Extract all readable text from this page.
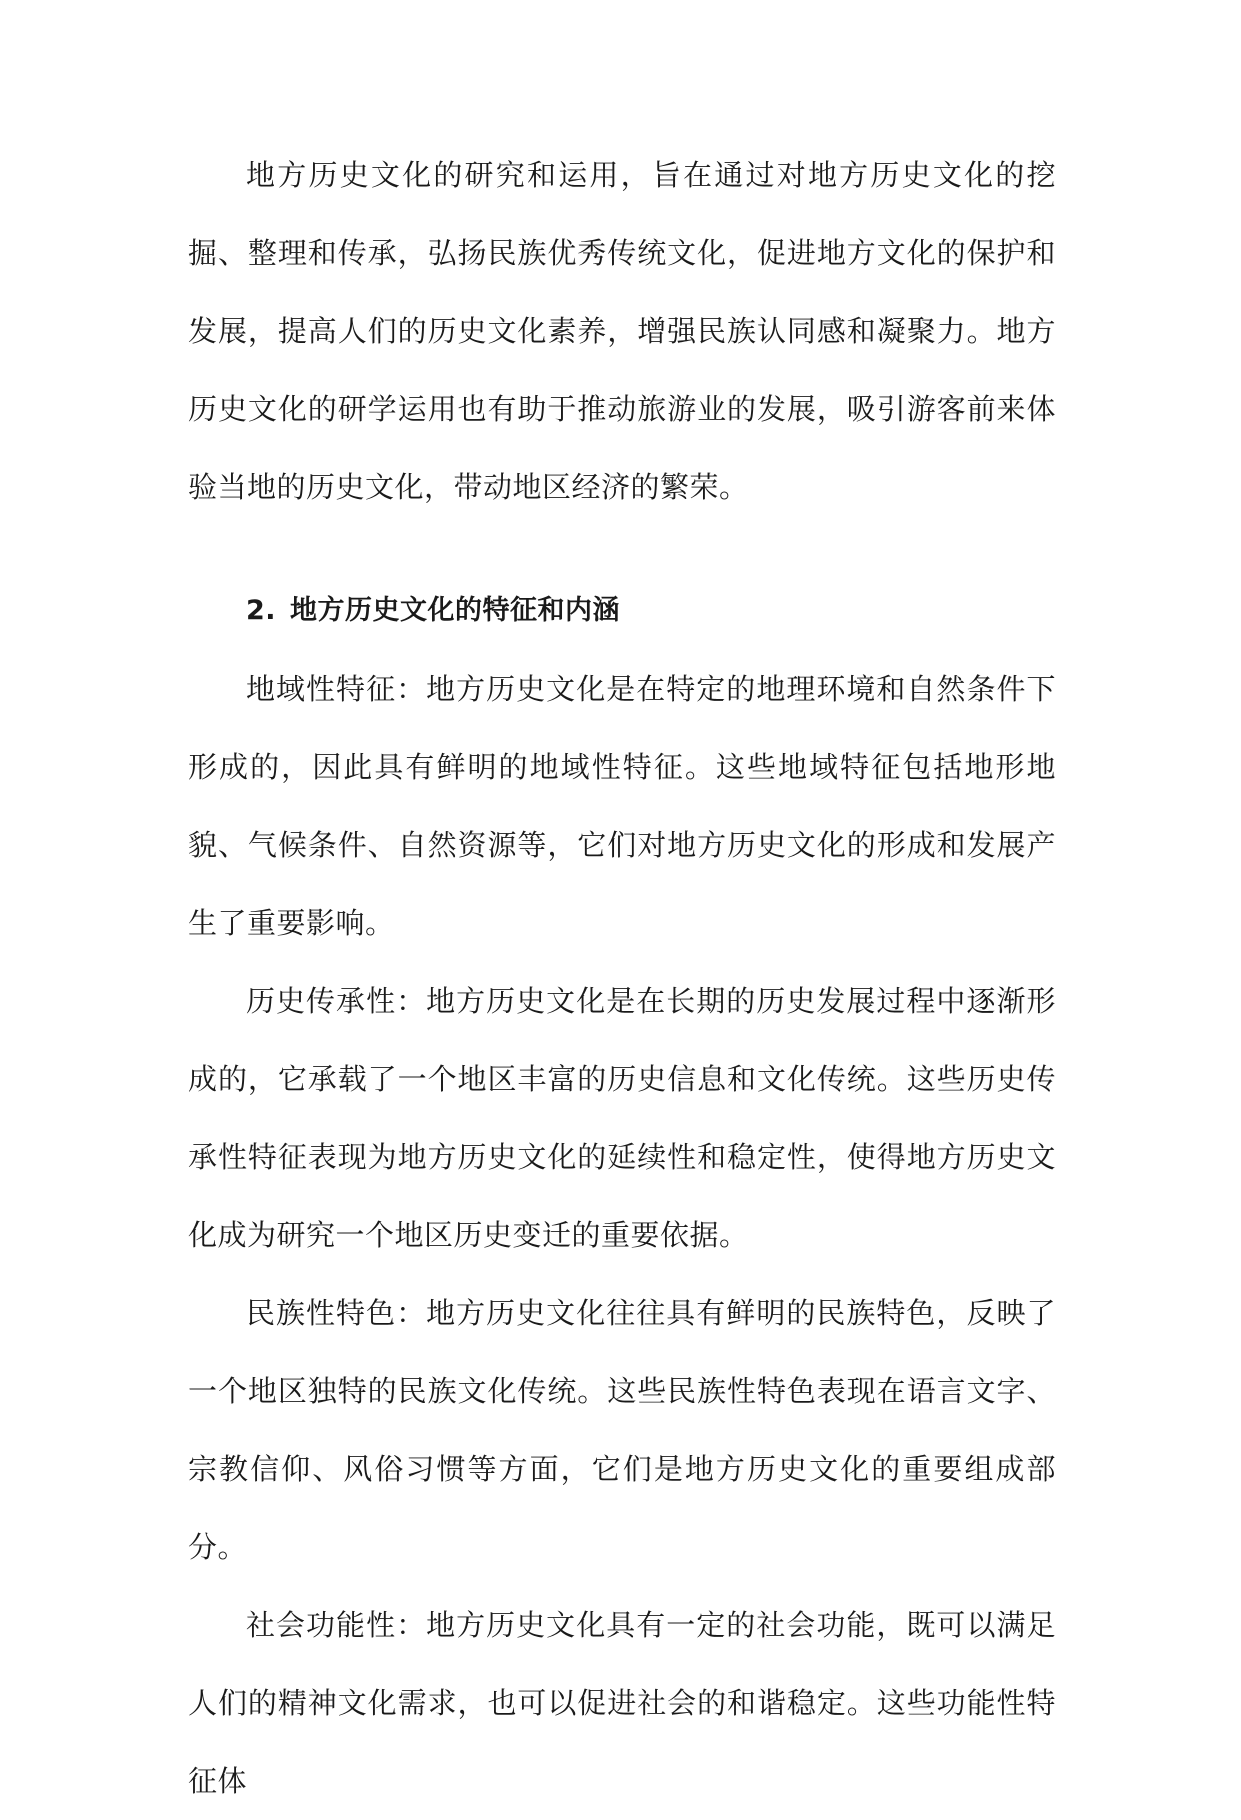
地方历史文化的研究和运用，旨在通过对地方历史文化的挖掘、整理和传承，弘扬民族优秀传统文化，促进地方文化的保护和发展，提高人们的历史文化素养，增强民族认同感和凝聚力。地方历史文化的研学运用也有助于推动旅游业的发展，吸引游客前来体验当地的历史文化，带动地区经济的繁荣。

2. 地方历史文化的特征和内涵

地域性特征：地方历史文化是在特定的地理环境和自然条件下形成的，因此具有鲜明的地域性特征。这些地域特征包括地形地貌、气候条件、自然资源等，它们对地方历史文化的形成和发展产生了重要影响。

历史传承性：地方历史文化是在长期的历史发展过程中逐渐形成的，它承载了一个地区丰富的历史信息和文化传统。这些历史传承性特征表现为地方历史文化的延续性和稳定性，使得地方历史文化成为研究一个地区历史变迁的重要依据。

民族性特色：地方历史文化往往具有鲜明的民族特色，反映了一个地区独特的民族文化传统。这些民族性特色表现在语言文字、宗教信仰、风俗习惯等方面，它们是地方历史文化的重要组成部分。

社会功能性：地方历史文化具有一定的社会功能，既可以满足人们的精神文化需求，也可以促进社会的和谐稳定。这些功能性特征体
